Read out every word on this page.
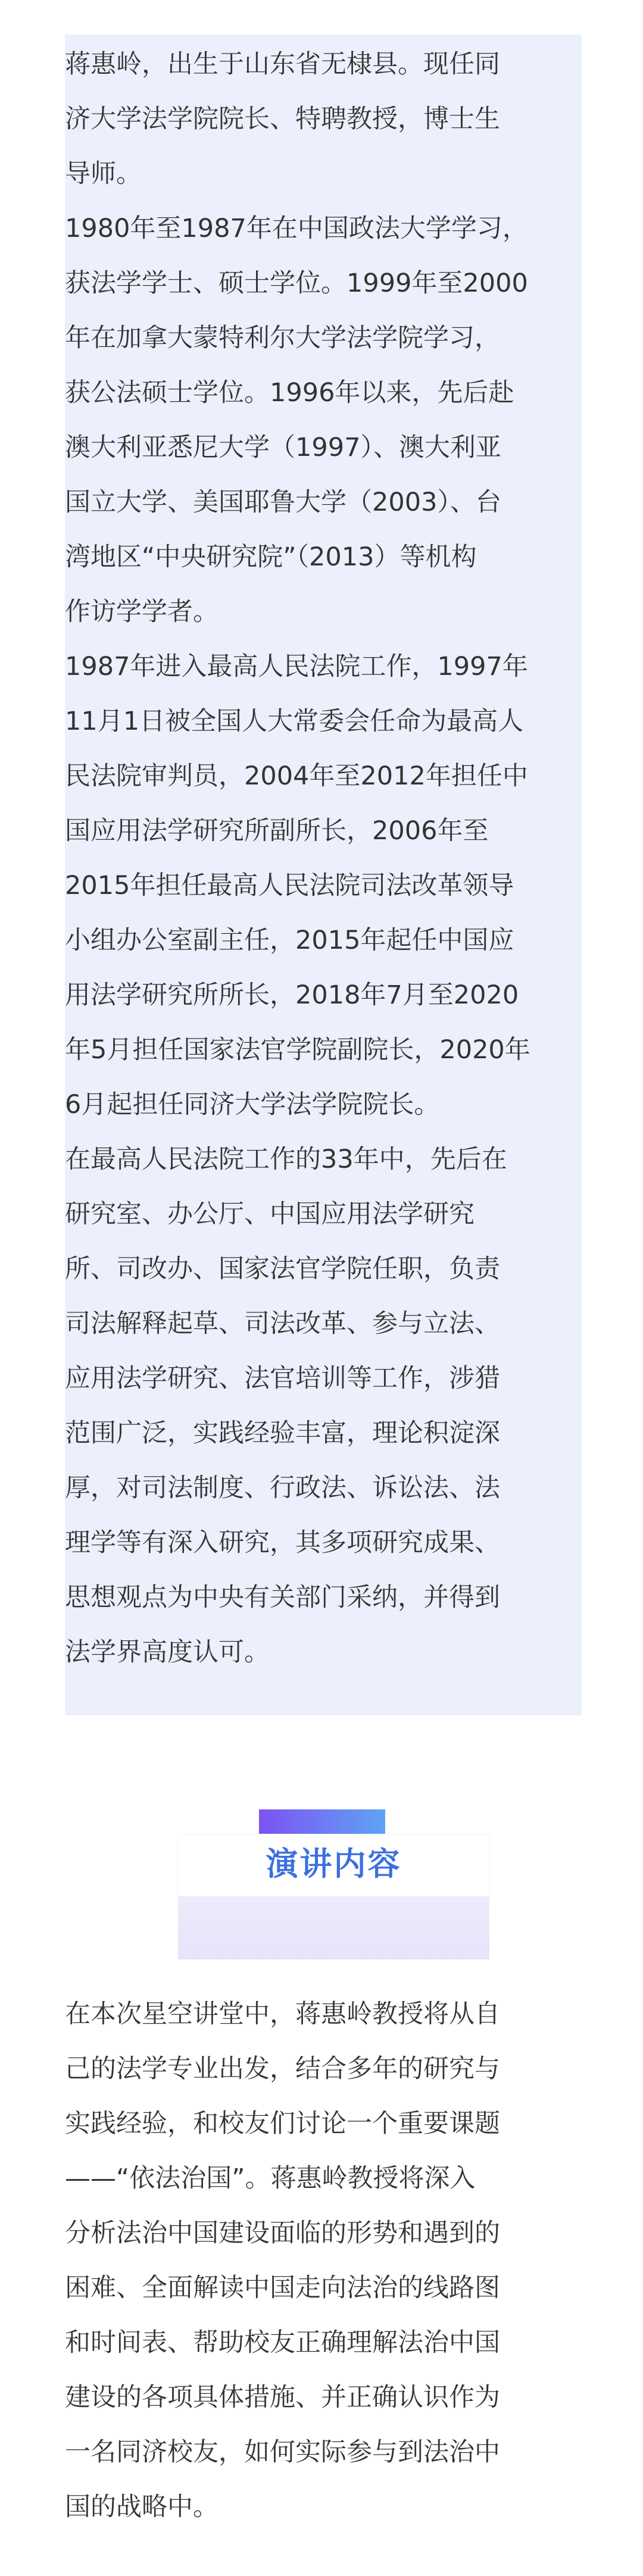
蒋惠岭，出生于山东省无棣县。现任同
济大学法学院院长、特聘教授，博士生
导师。

1980年至1987年在中国政法大学学习，
获法学学士、硕士学位。1999年至2000
年在加拿大蒙特利尔大学法学院学习，
获公法硕士学位。1996年以来，先后赴
澳大利亚悉尼大学（1997）、澳大利亚
国立大学、美国耶鲁大学（2003）、台
湾地区“中央研究院”（2013）等机构
作访学学者。

1987年进入最高人民法院工作，1997年
11月1日被全国人大常委会任命为最高人
民法院审判员，2004年至2012年担任中
国应用法学研究所副所长，2006年至
2015年担任最高人民法院司法改革领导
小组办公室副主任，2015年起任中国应
用法学研究所所长，2018年7月至2020
年5月担任国家法官学院副院长，2020年
6月起担任同济大学法学院院长。

在最高人民法院工作的33年中，先后在
研究室、办公厅、中国应用法学研究
所、司改办、国家法官学院任职，负责
司法解释起草、司法改革、参与立法、
应用法学研究、法官培训等工作，涉猎
范围广泛，实践经验丰富，理论积淀深
厚，对司法制度、行政法、诉讼法、法
理学等有深入研究，其多项研究成果、
思想观点为中央有关部门采纳，并得到
法学界高度认可。

演讲内容

在本次星空讲堂中，蒋惠岭教授将从自
己的法学专业出发，结合多年的研究与
实践经验，和校友们讨论一个重要课题
——“依法治国”。蒋惠岭教授将深入
分析法治中国建设面临的形势和遇到的
困难、全面解读中国走向法治的线路图
和时间表、帮助校友正确理解法治中国
建设的各项具体措施、并正确认识作为
一名同济校友，如何实际参与到法治中
国的战略中。
